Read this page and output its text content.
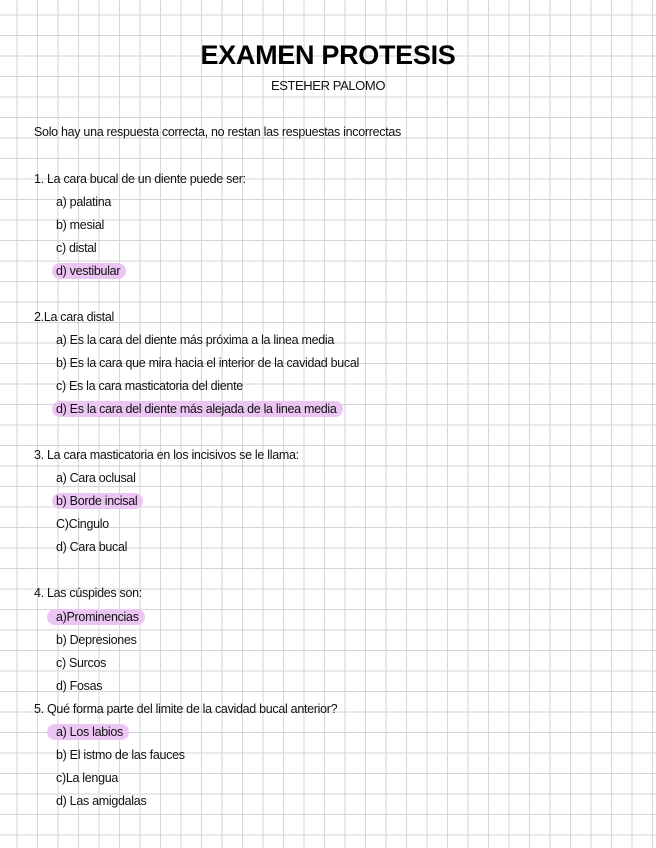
EXAMEN PROTESIS
ESTEHER PALOMO
Solo hay una respuesta correcta, no restan las respuestas incorrectas
1. La cara bucal de un diente puede ser:
a) palatina
b) mesial
c) distal
d) vestibular
2.La cara distal
a) Es la cara del diente más próxima a la linea media
b) Es la cara que mira hacia el interior de la cavidad bucal
c) Es la cara masticatoria del diente
d) Es la cara del diente más alejada de la linea media
3. La cara masticatoria en los incisivos se le llama:
a) Cara oclusal
b) Borde incisal
C)Cingulo
d) Cara bucal
4. Las cúspides son:
a)Prominencias
b) Depresiones
c) Surcos
d) Fosas
5. Qué forma parte del limite de la cavidad bucal anterior?
a) Los labios
b) El istmo de las fauces
c)La lengua
d) Las amigdalas
